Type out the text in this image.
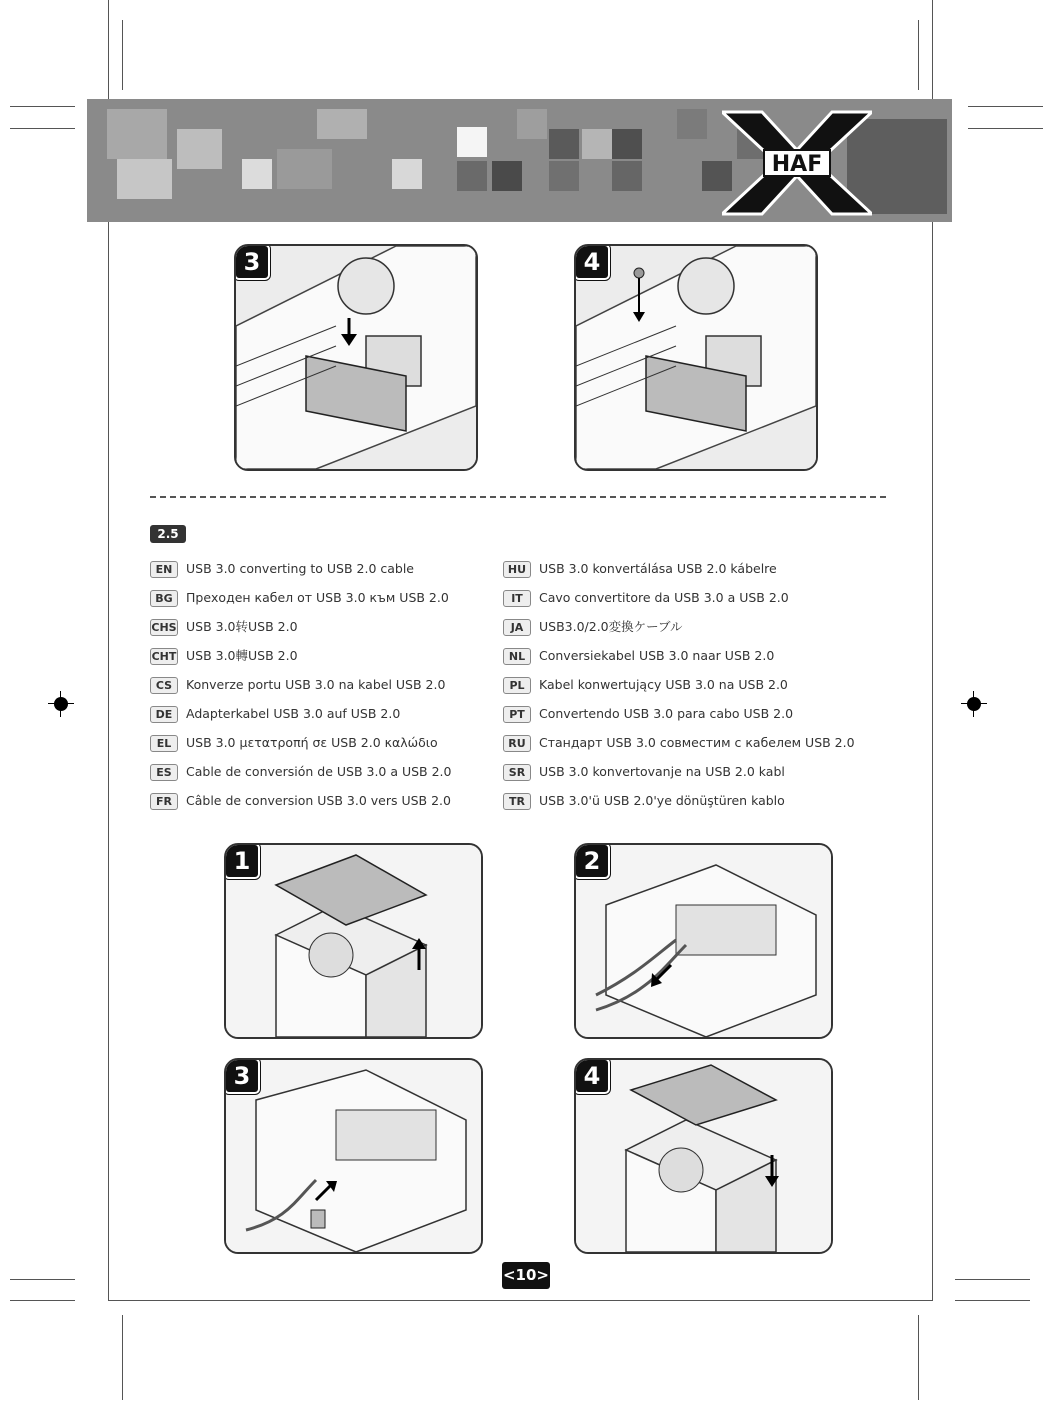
HAF
3	4
2.5
EN USB 3.0 converting to USB 2.0 cable
BG Преходен кабел от USB 3.0 към USB 2.0
CHS USB 3.0转USB 2.0
CHT USB 3.0轉USB 2.0
CS Konverze portu USB 3.0 na kabel USB 2.0
DE Adapterkabel USB 3.0 auf USB 2.0
EL USB 3.0 μετατροπή σε USB 2.0 καλώδιο
ES Cable de conversión de USB 3.0 a USB 2.0
FR Câble de conversion USB 3.0 vers USB 2.0
HU USB 3.0 konvertálása USB 2.0 kábelre
IT Cavo convertitore da USB 3.0 a USB 2.0
JA USB3.0/2.0変換ケーブル
NL Conversiekabel USB 3.0 naar USB 2.0
PL Kabel konwertujący USB 3.0 na USB 2.0
PT Convertendo USB 3.0 para cabo USB 2.0
RU Стандарт USB 3.0 совместим с кабелем USB 2.0
SR USB 3.0 konvertovanje na USB 2.0 kabl
TR USB 3.0'ü USB 2.0'ye dönüştüren kablo
1	2
3	4
<10>
